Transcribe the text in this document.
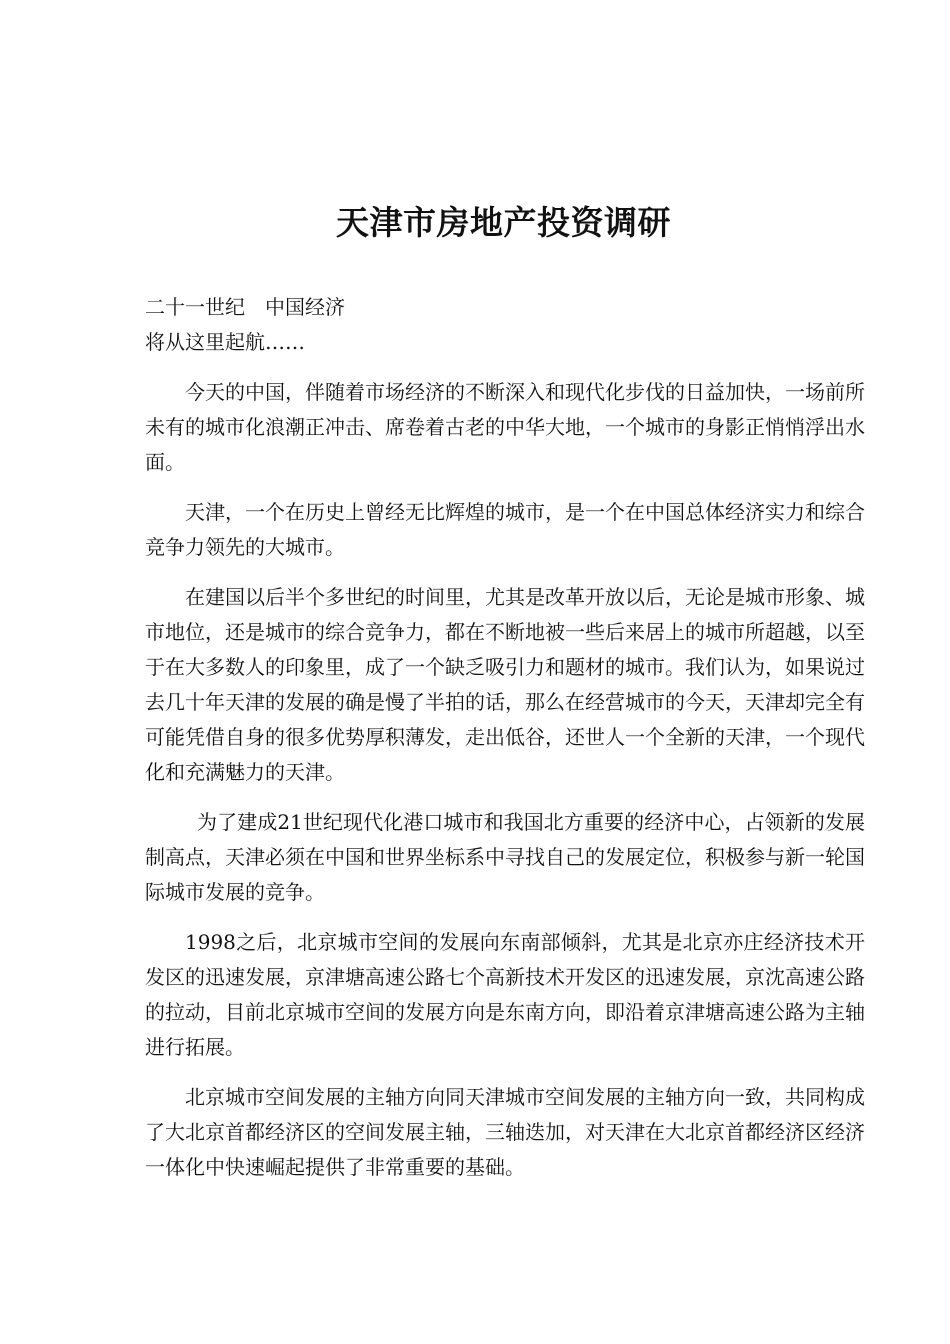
天津市房地产投资调研

二十一世纪　中国经济

将从这里起航……

今天的中国，伴随着市场经济的不断深入和现代化步伐的日益加快，一场前所未有的城市化浪潮正冲击、席卷着古老的中华大地，一个城市的身影正悄悄浮出水面。

天津，一个在历史上曾经无比辉煌的城市，是一个在中国总体经济实力和综合竞争力领先的大城市。

在建国以后半个多世纪的时间里，尤其是改革开放以后，无论是城市形象、城市地位，还是城市的综合竞争力，都在不断地被一些后来居上的城市所超越，以至于在大多数人的印象里，成了一个缺乏吸引力和题材的城市。我们认为，如果说过去几十年天津的发展的确是慢了半拍的话，那么在经营城市的今天，天津却完全有可能凭借自身的很多优势厚积薄发，走出低谷，还世人一个全新的天津，一个现代化和充满魅力的天津。

为了建成21世纪现代化港口城市和我国北方重要的经济中心，占领新的发展制高点，天津必须在中国和世界坐标系中寻找自己的发展定位，积极参与新一轮国际城市发展的竞争。

1998之后，北京城市空间的发展向东南部倾斜，尤其是北京亦庄经济技术开发区的迅速发展，京津塘高速公路七个高新技术开发区的迅速发展，京沈高速公路的拉动，目前北京城市空间的发展方向是东南方向，即沿着京津塘高速公路为主轴进行拓展。

北京城市空间发展的主轴方向同天津城市空间发展的主轴方向一致，共同构成了大北京首都经济区的空间发展主轴，三轴迭加，对天津在大北京首都经济区经济一体化中快速崛起提供了非常重要的基础。
